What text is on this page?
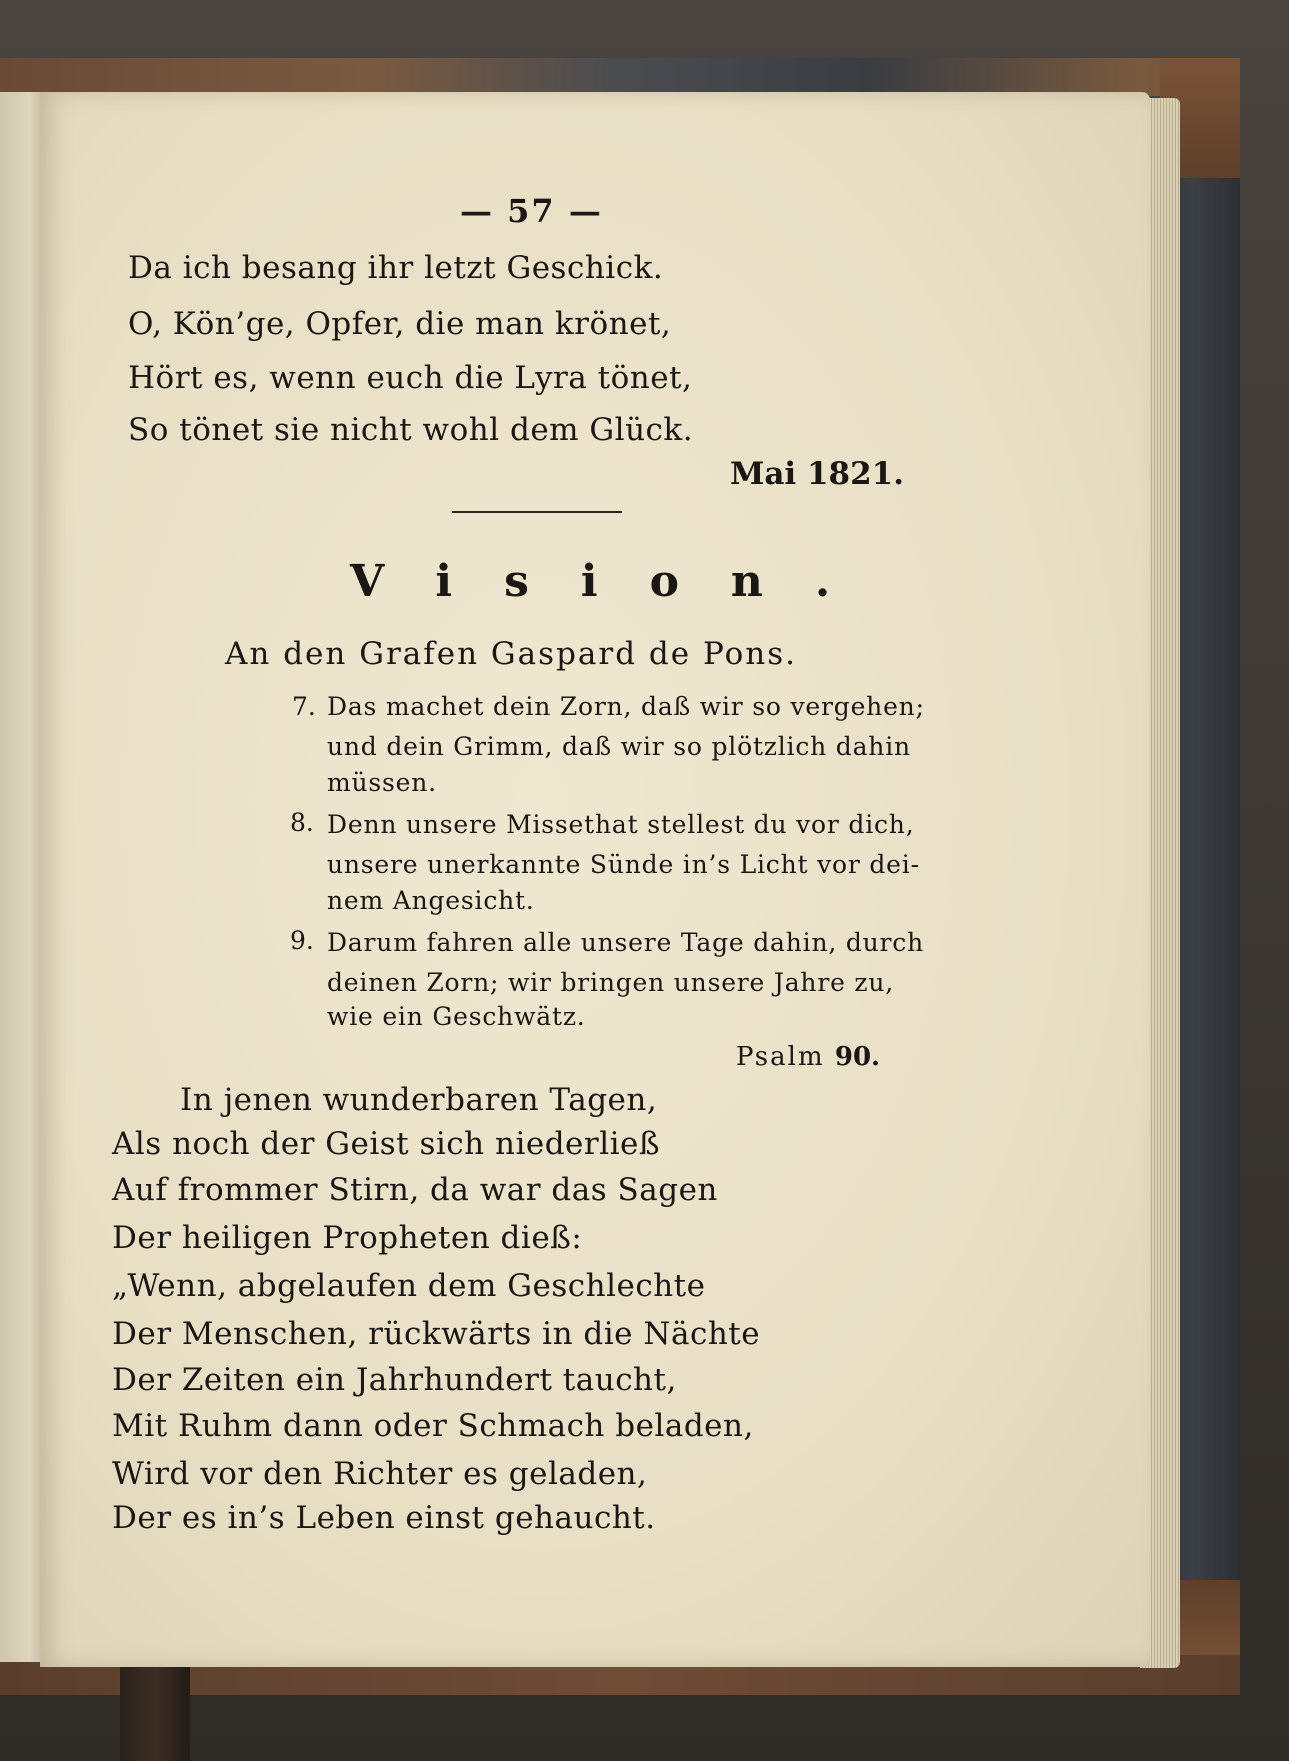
— 57 —
Da ich besang ihr letzt Geschick.
O, Kön’ge, Opfer, die man krönet,
Hört es, wenn euch die Lyra tönet,
So tönet sie nicht wohl dem Glück.
Mai 1821.
Vision.
An den Grafen Gaspard de Pons.
7. Das machet dein Zorn, daß wir so vergehen;
und dein Grimm, daß wir so plötzlich dahin
müssen.
8. Denn unsere Missethat stellest du vor dich,
unsere unerkannte Sünde in’s Licht vor dei-
nem Angesicht.
9. Darum fahren alle unsere Tage dahin, durch
deinen Zorn; wir bringen unsere Jahre zu,
wie ein Geschwätz.
Psalm 90.
In jenen wunderbaren Tagen,
Als noch der Geist sich niederließ
Auf frommer Stirn, da war das Sagen
Der heiligen Propheten dieß:
„Wenn, abgelaufen dem Geschlechte
Der Menschen, rückwärts in die Nächte
Der Zeiten ein Jahrhundert taucht,
Mit Ruhm dann oder Schmach beladen,
Wird vor den Richter es geladen,
Der es in’s Leben einst gehaucht.
